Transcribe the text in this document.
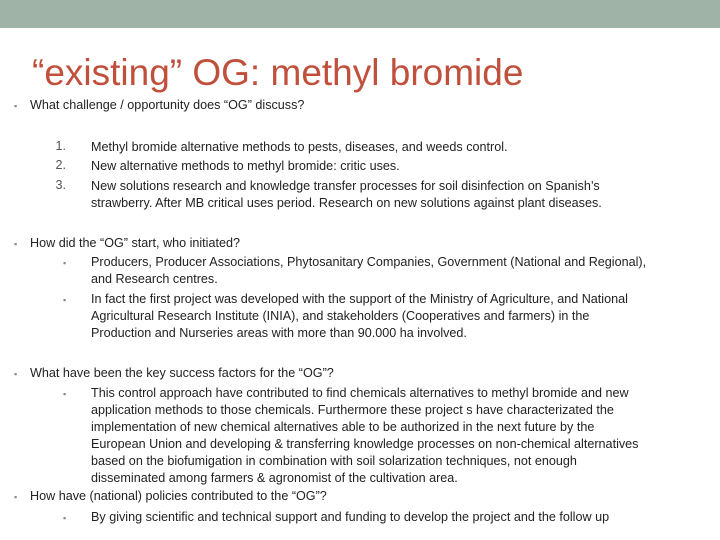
“existing” OG: methyl bromide
▪ What challenge / opportunity does “OG” discuss?
1. Methyl bromide alternative methods to pests, diseases, and weeds control.
2. New alternative methods to methyl bromide: critic uses.
3. New solutions research and knowledge transfer processes for soil disinfection on Spanish’s
strawberry. After MB critical uses period. Research on new solutions against plant diseases.
▪ How did the “OG” start, who initiated?
▪ Producers, Producer Associations, Phytosanitary Companies, Government (National and Regional),
and Research centres.
▪ In fact the first project was developed with the support of the Ministry of Agriculture, and National
Agricultural Research Institute (INIA), and stakeholders (Cooperatives and farmers) in the
Production and Nurseries areas with more than 90.000 ha involved.
▪ What have been the key success factors for the “OG”?
▪ This control approach have contributed to find chemicals alternatives to methyl bromide and new
application methods to those chemicals. Furthermore these project s have characterizated the
implementation of new chemical alternatives able to be authorized in the next future by the
European Union and developing & transferring knowledge processes on non-chemical alternatives
based on the biofumigation in combination with soil solarization techniques, not enough
disseminated among farmers & agronomist of the cultivation area.
▪ How have (national) policies contributed to the “OG”?
▪ By giving scientific and technical support and funding to develop the project and the follow up
